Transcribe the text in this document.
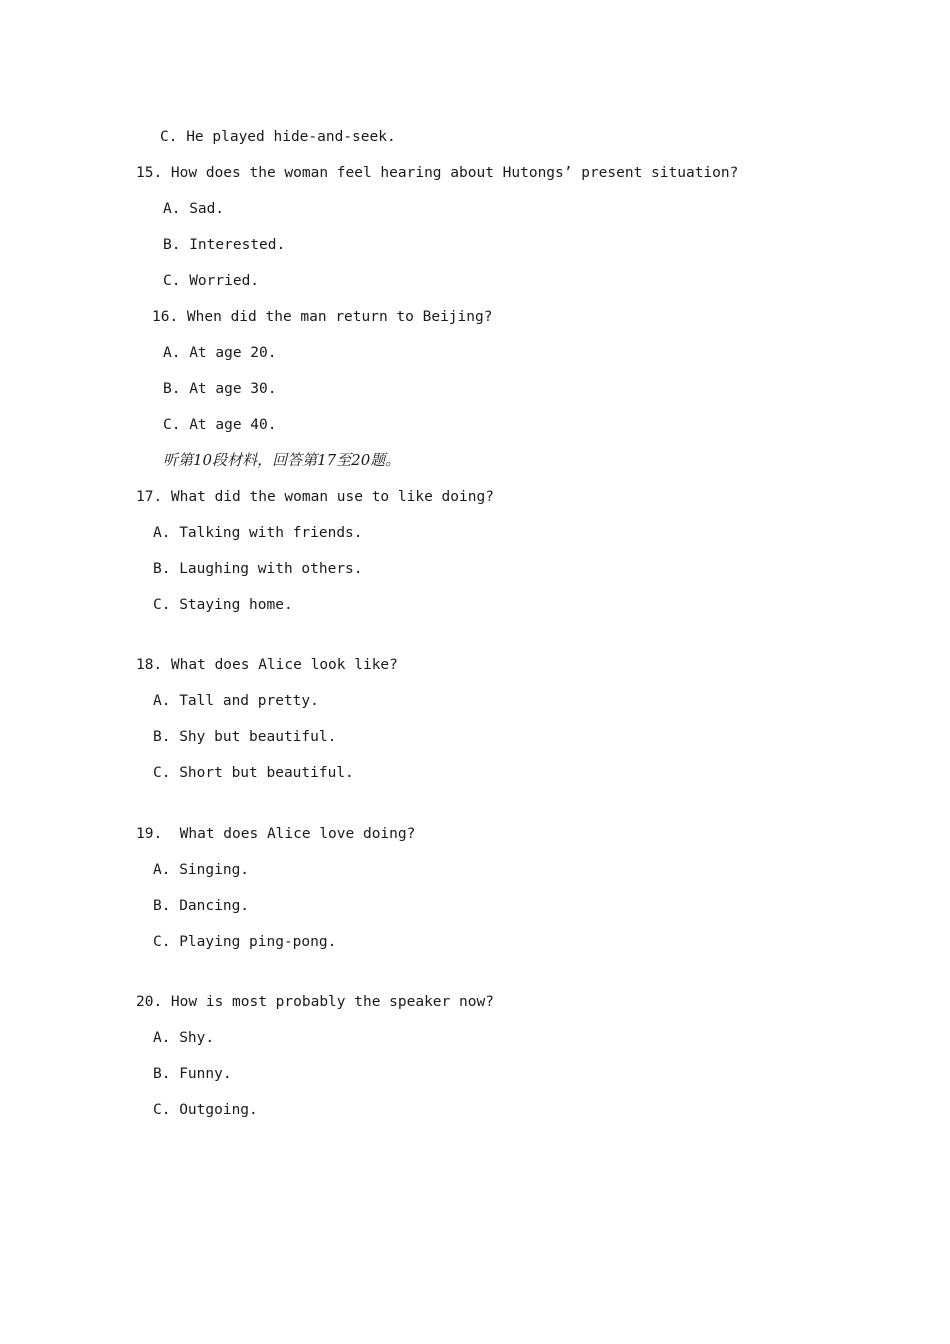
C. He played hide-and-seek.
15. How does the woman feel hearing about Hutongs’ present situation?
A. Sad.
B. Interested.
C. Worried.
16. When did the man return to Beijing?
A. At age 20.
B. At age 30.
C. At age 40.
听第10段材料，回答第17至20题。
17. What did the woman use to like doing?
A. Talking with friends.
B. Laughing with others.
C. Staying home.
18. What does Alice look like?
A. Tall and pretty.
B. Shy but beautiful.
C. Short but beautiful.
19.  What does Alice love doing?
A. Singing.
B. Dancing.
C. Playing ping-pong.
20. How is most probably the speaker now?
A. Shy.
B. Funny.
C. Outgoing.
